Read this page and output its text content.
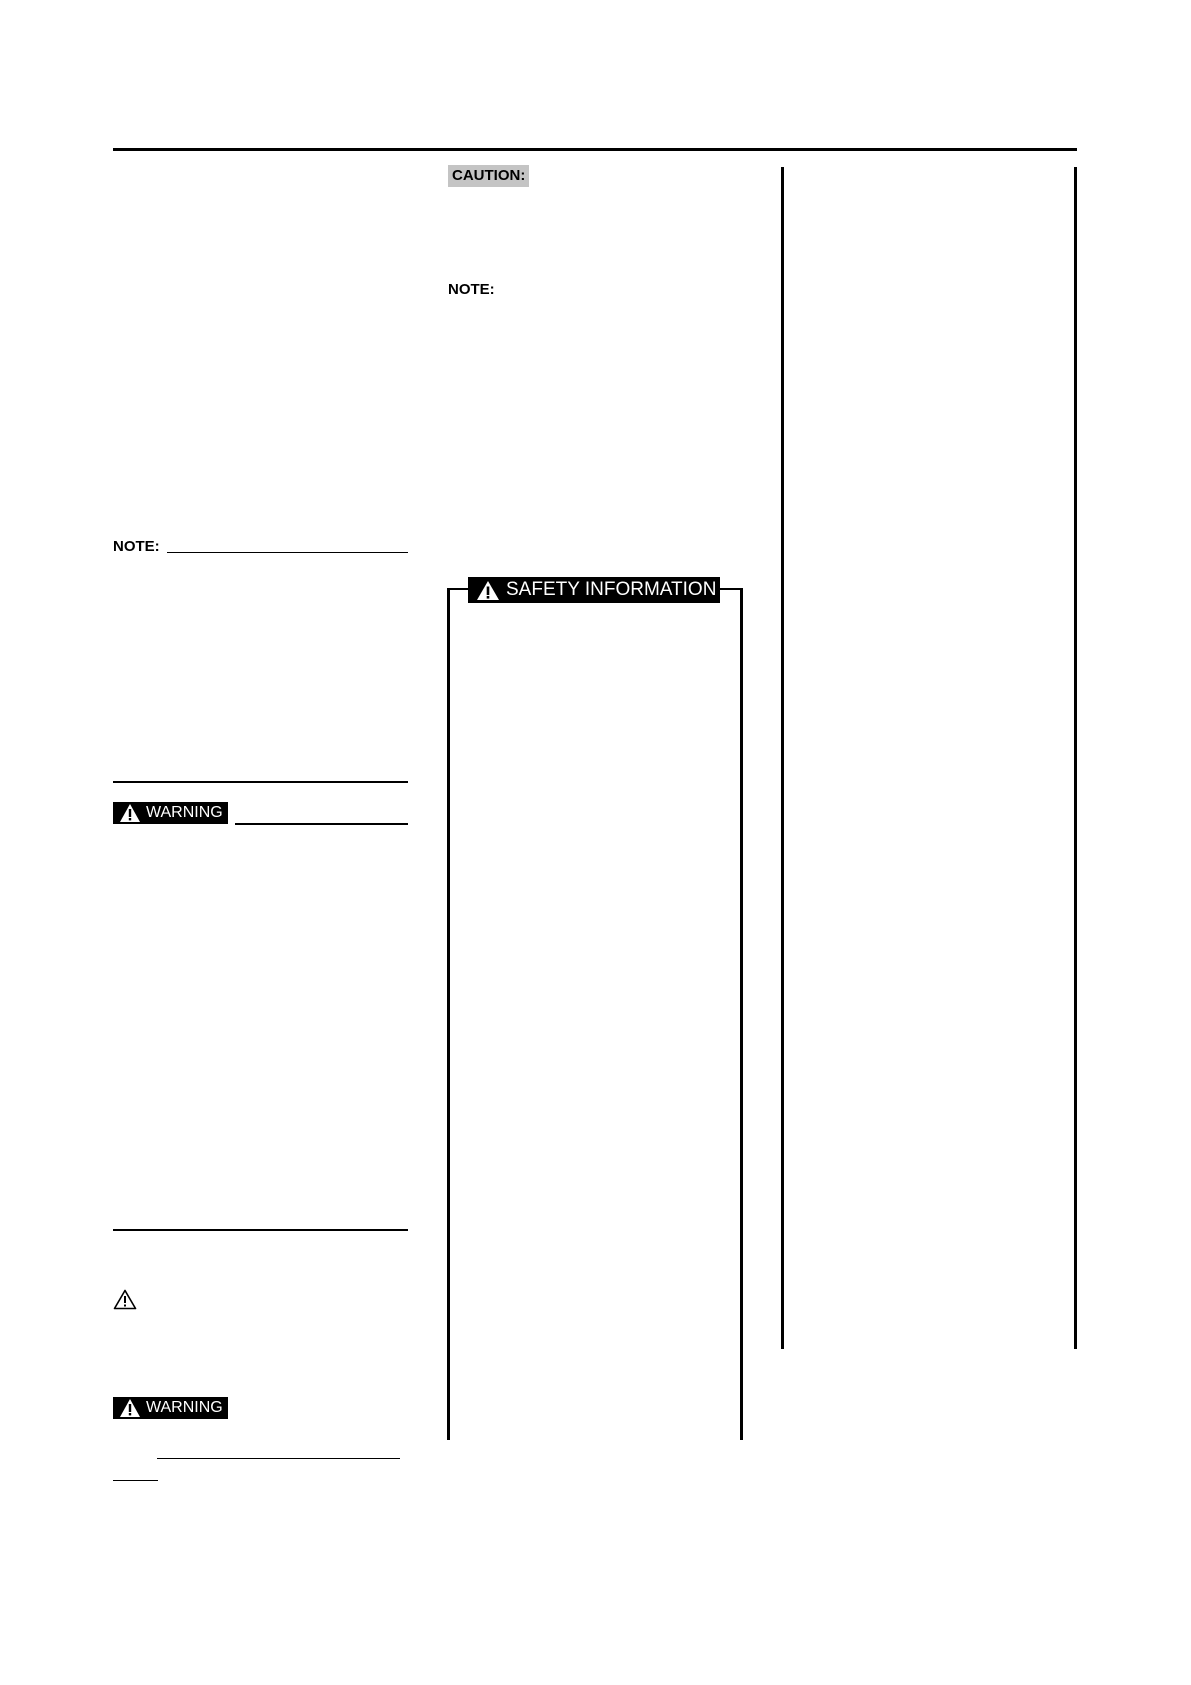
CAUTION:
NOTE:
NOTE:
WARNING
WARNING
SAFETY INFORMATION
